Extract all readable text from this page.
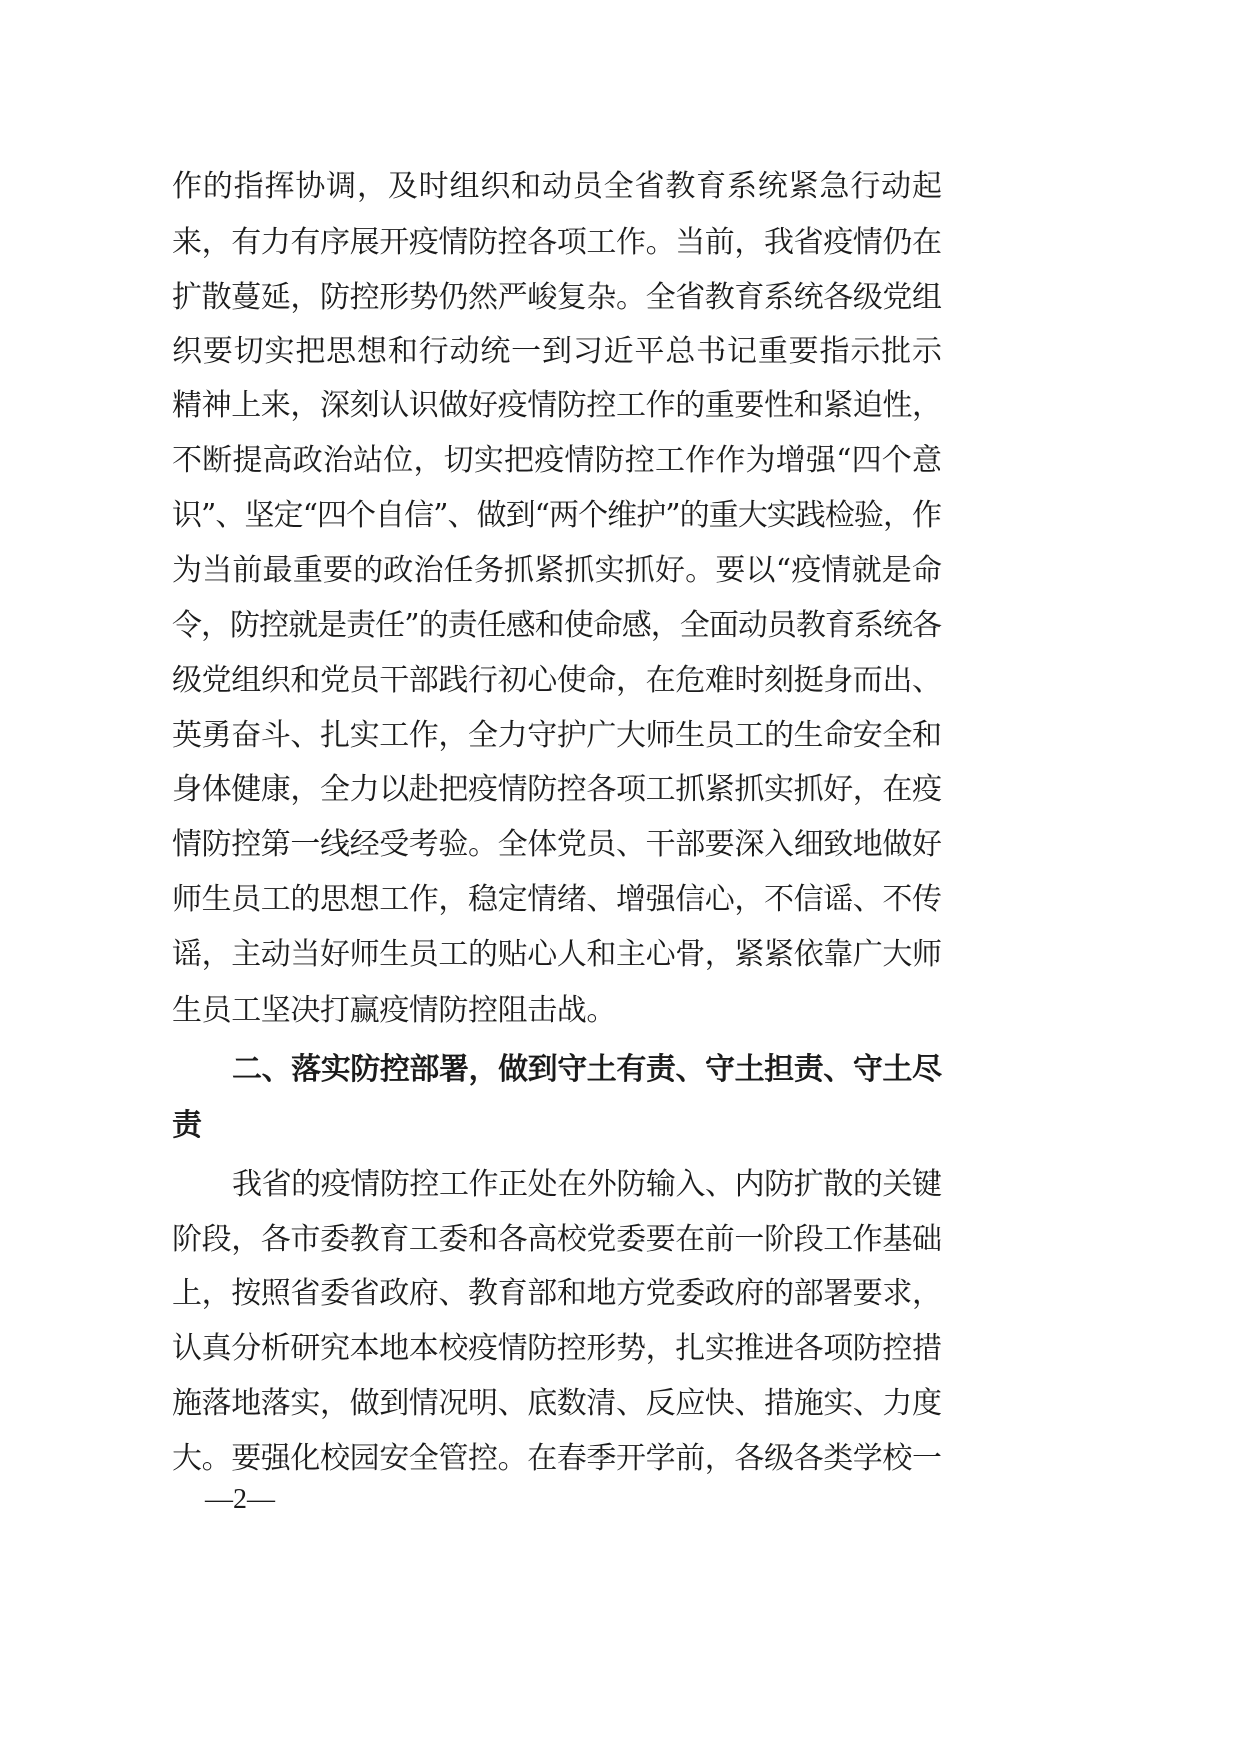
作的指挥协调，及时组织和动员全省教育系统紧急行动起
来，有力有序展开疫情防控各项工作。当前，我省疫情仍在
扩散蔓延，防控形势仍然严峻复杂。全省教育系统各级党组
织要切实把思想和行动统一到习近平总书记重要指示批示
精神上来，深刻认识做好疫情防控工作的重要性和紧迫性，
不断提高政治站位，切实把疫情防控工作作为增强“四个意
识”、坚定“四个自信”、做到“两个维护”的重大实践检验，作
为当前最重要的政治任务抓紧抓实抓好。要以“疫情就是命
令，防控就是责任”的责任感和使命感，全面动员教育系统各
级党组织和党员干部践行初心使命，在危难时刻挺身而出、
英勇奋斗、扎实工作，全力守护广大师生员工的生命安全和
身体健康，全力以赴把疫情防控各项工抓紧抓实抓好，在疫
情防控第一线经受考验。全体党员、干部要深入细致地做好
师生员工的思想工作，稳定情绪、增强信心，不信谣、不传
谣，主动当好师生员工的贴心人和主心骨，紧紧依靠广大师
生员工坚决打赢疫情防控阻击战。
二、落实防控部署，做到守土有责、守土担责、守土尽
责
我省的疫情防控工作正处在外防输入、内防扩散的关键
阶段，各市委教育工委和各高校党委要在前一阶段工作基础
上，按照省委省政府、教育部和地方党委政府的部署要求，
认真分析研究本地本校疫情防控形势，扎实推进各项防控措
施落地落实，做到情况明、底数清、反应快、措施实、力度
大。要强化校园安全管控。在春季开学前，各级各类学校一
—2—
